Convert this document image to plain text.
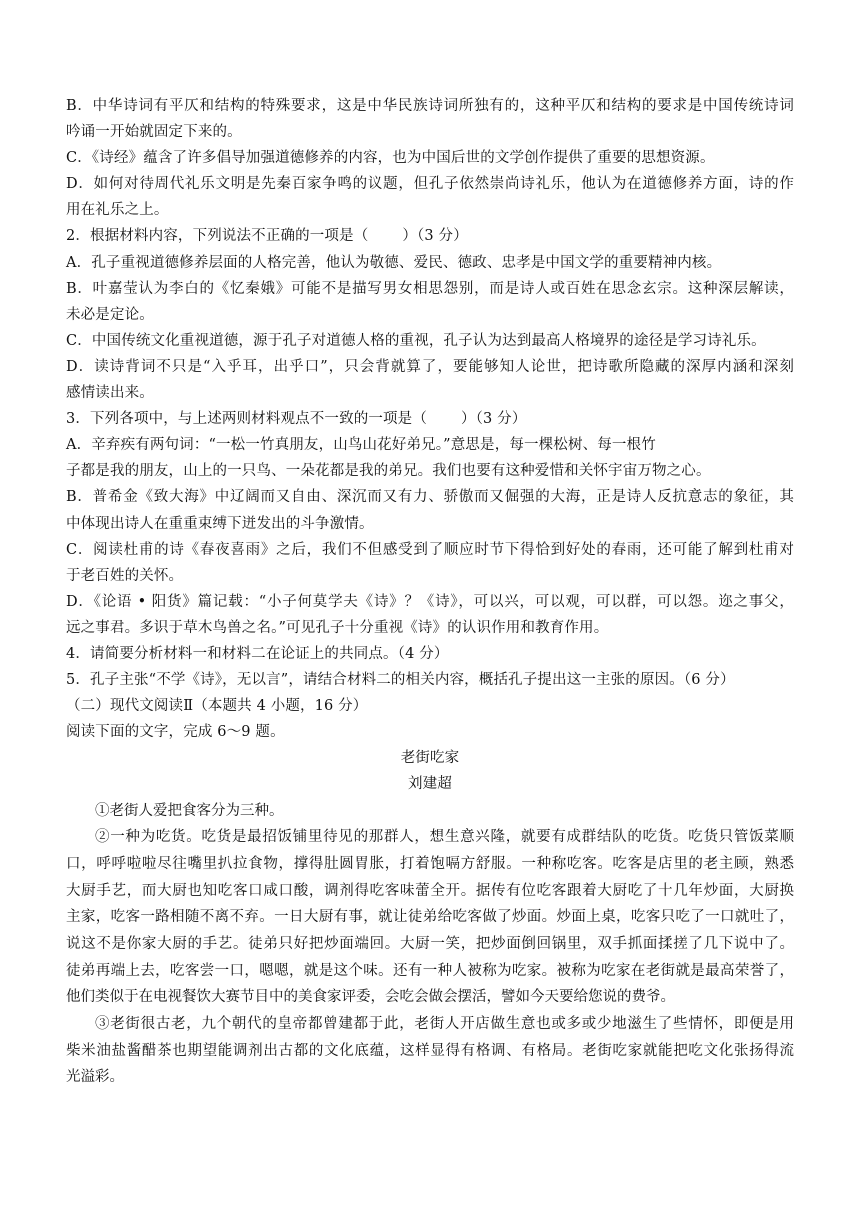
B．中华诗词有平仄和结构的特殊要求，这是中华民族诗词所独有的，这种平仄和结构的要求是中国传统诗词
吟诵一开始就固定下来的。
C．《诗经》蕴含了许多倡导加强道德修养的内容，也为中国后世的文学创作提供了重要的思想资源。
D．如何对待周代礼乐文明是先秦百家争鸣的议题，但孔子依然崇尚诗礼乐，他认为在道德修养方面，诗的作
用在礼乐之上。
2．根据材料内容，下列说法不正确的一项是（ ）（3 分）
A．孔子重视道德修养层面的人格完善，他认为敬德、爱民、德政、忠孝是中国文学的重要精神内核。
B．叶嘉莹认为李白的《忆秦娥》可能不是描写男女相思怨别，而是诗人或百姓在思念玄宗。这种深层解读，
未必是定论。
C．中国传统文化重视道德，源于孔子对道德人格的重视，孔子认为达到最高人格境界的途径是学习诗礼乐。
D．读诗背词不只是“入乎耳，出乎口”，只会背就算了，要能够知人论世，把诗歌所隐藏的深厚内涵和深刻
感情读出来。
3．下列各项中，与上述两则材料观点不一致的一项是（ ）（3 分）
A．辛弃疾有两句词：“一松一竹真朋友，山鸟山花好弟兄。”意思是，每一棵松树、每一根竹
子都是我的朋友，山上的一只鸟、一朵花都是我的弟兄。我们也要有这种爱惜和关怀宇宙万物之心。
B．普希金《致大海》中辽阔而又自由、深沉而又有力、骄傲而又倔强的大海，正是诗人反抗意志的象征，其
中体现出诗人在重重束缚下迸发出的斗争激情。
C．阅读杜甫的诗《春夜喜雨》之后，我们不但感受到了顺应时节下得恰到好处的春雨，还可能了解到杜甫对
于老百姓的关怀。
D．《论语 • 阳货》篇记载：“小子何莫学夫《诗》？《诗》，可以兴，可以观，可以群，可以怨。迩之事父，
远之事君。多识于草木鸟兽之名。”可见孔子十分重视《诗》的认识作用和教育作用。
4．请简要分析材料一和材料二在论证上的共同点。（4 分）
5．孔子主张“不学《诗》，无以言”，请结合材料二的相关内容，概括孔子提出这一主张的原因。（6 分）
（二）现代文阅读Ⅱ（本题共 4 小题，16 分）
阅读下面的文字，完成 6～9 题。
老街吃家
刘建超
①老街人爱把食客分为三种。
②一种为吃货。吃货是最招饭铺里待见的那群人，想生意兴隆，就要有成群结队的吃货。吃货只管饭菜顺
口，呼呼啦啦尽往嘴里扒拉食物，撑得肚圆胃胀，打着饱嗝方舒服。一种称吃客。吃客是店里的老主顾，熟悉
大厨手艺，而大厨也知吃客口咸口酸，调剂得吃客味蕾全开。据传有位吃客跟着大厨吃了十几年炒面，大厨换
主家，吃客一路相随不离不弃。一日大厨有事，就让徒弟给吃客做了炒面。炒面上桌，吃客只吃了一口就吐了，
说这不是你家大厨的手艺。徒弟只好把炒面端回。大厨一笑，把炒面倒回锅里，双手抓面揉搓了几下说中了。
徒弟再端上去，吃客尝一口，嗯嗯，就是这个味。还有一种人被称为吃家。被称为吃家在老街就是最高荣誉了，
他们类似于在电视餐饮大赛节目中的美食家评委，会吃会做会摆活，譬如今天要给您说的费爷。
③老街很古老，九个朝代的皇帝都曾建都于此，老街人开店做生意也或多或少地滋生了些情怀，即便是用
柴米油盐酱醋茶也期望能调剂出古都的文化底蕴，这样显得有格调、有格局。老街吃家就能把吃文化张扬得流
光溢彩。
